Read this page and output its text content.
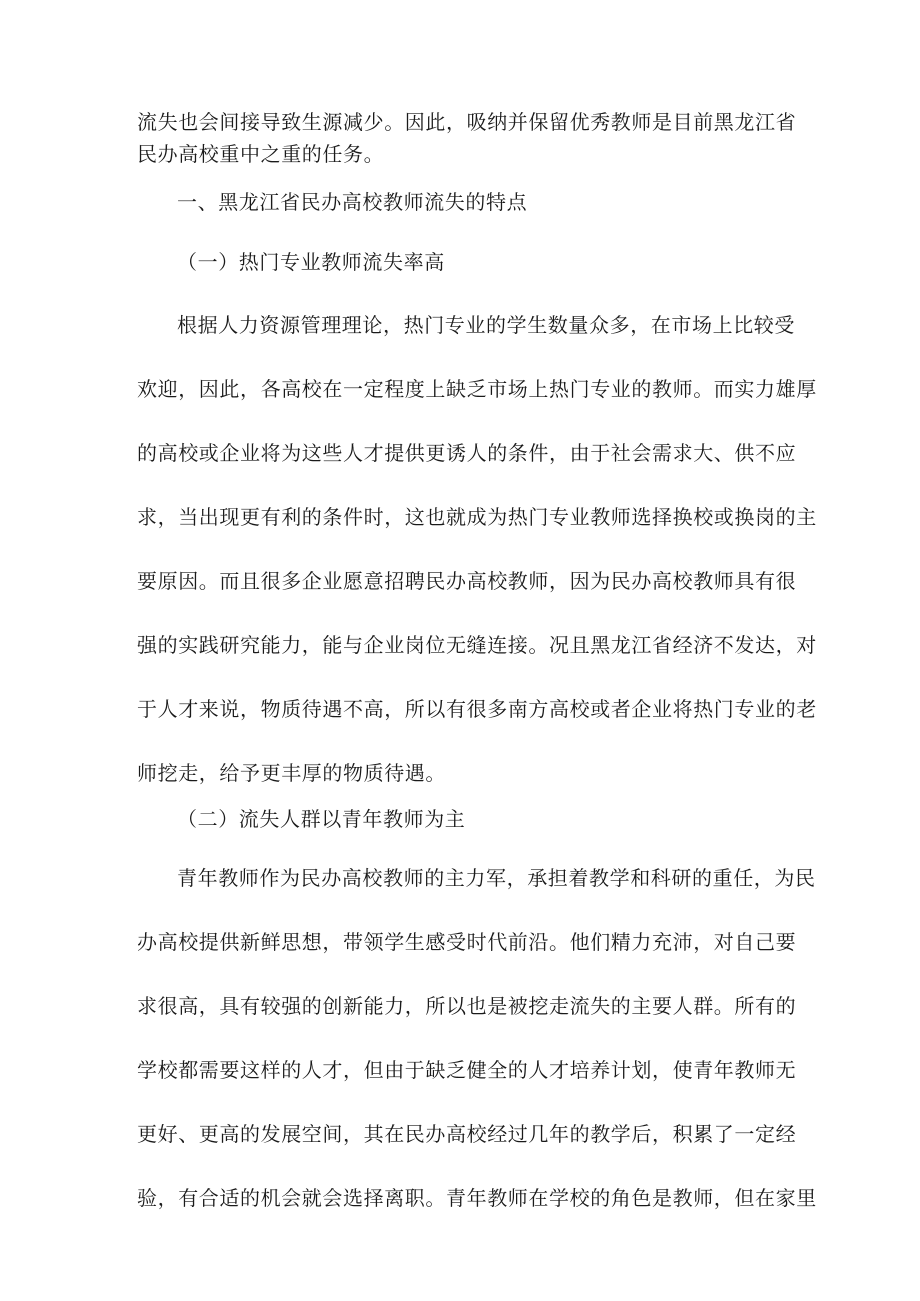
流失也会间接导致生源减少。因此，吸纳并保留优秀教师是目前黑龙江省
民办高校重中之重的任务。
一、黑龙江省民办高校教师流失的特点
（一）热门专业教师流失率高
根据人力资源管理理论，热门专业的学生数量众多，在市场上比较受
欢迎，因此，各高校在一定程度上缺乏市场上热门专业的教师。而实力雄厚
的高校或企业将为这些人才提供更诱人的条件，由于社会需求大、供不应
求，当出现更有利的条件时，这也就成为热门专业教师选择换校或换岗的主
要原因。而且很多企业愿意招聘民办高校教师，因为民办高校教师具有很
强的实践研究能力，能与企业岗位无缝连接。况且黑龙江省经济不发达，对
于人才来说，物质待遇不高，所以有很多南方高校或者企业将热门专业的老
师挖走，给予更丰厚的物质待遇。
（二）流失人群以青年教师为主
青年教师作为民办高校教师的主力军，承担着教学和科研的重任，为民
办高校提供新鲜思想，带领学生感受时代前沿。他们精力充沛，对自己要
求很高，具有较强的创新能力，所以也是被挖走流失的主要人群。所有的
学校都需要这样的人才，但由于缺乏健全的人才培养计划，使青年教师无
更好、更高的发展空间，其在民办高校经过几年的教学后，积累了一定经
验，有合适的机会就会选择离职。青年教师在学校的角色是教师，但在家里
